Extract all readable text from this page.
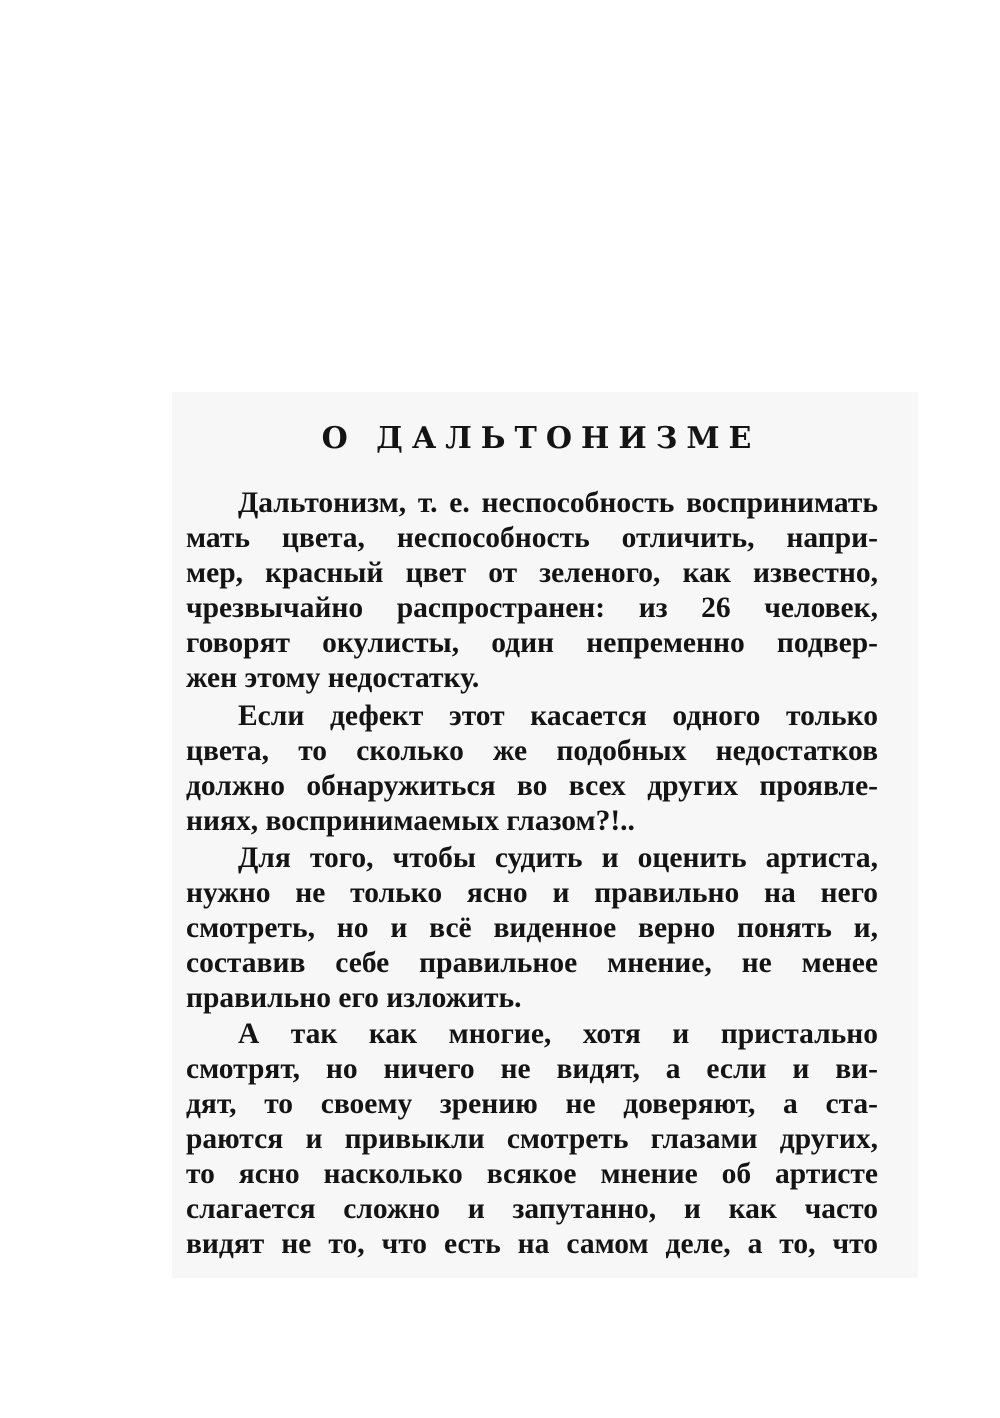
О ДАЛЬТОНИЗМЕ
Дальтонизм, т. е. неспособность воспринимать
мать цвета, неспособность отличить, напри-
мер, красный цвет от зеленого, как известно,
чрезвычайно распространен: из 26 человек,
говорят окулисты, один непременно подвер-
жен этому недостатку.
Если дефект этот касается одного только
цвета, то сколько же подобных недостатков
должно обнаружиться во всех других проявле-
ниях, воспринимаемых глазом?!..
Для того, чтобы судить и оценить артиста,
нужно не только ясно и правильно на него
смотреть, но и всё виденное верно понять и,
составив себе правильное мнение, не менее
правильно его изложить.
А так как многие, хотя и пристально
смотрят, но ничего не видят, а если и ви-
дят, то своему зрению не доверяют, а ста-
раются и привыкли смотреть глазами других,
то ясно насколько всякое мнение об артисте
слагается сложно и запутанно, и как часто
видят не то, что есть на самом деле, а то, что
